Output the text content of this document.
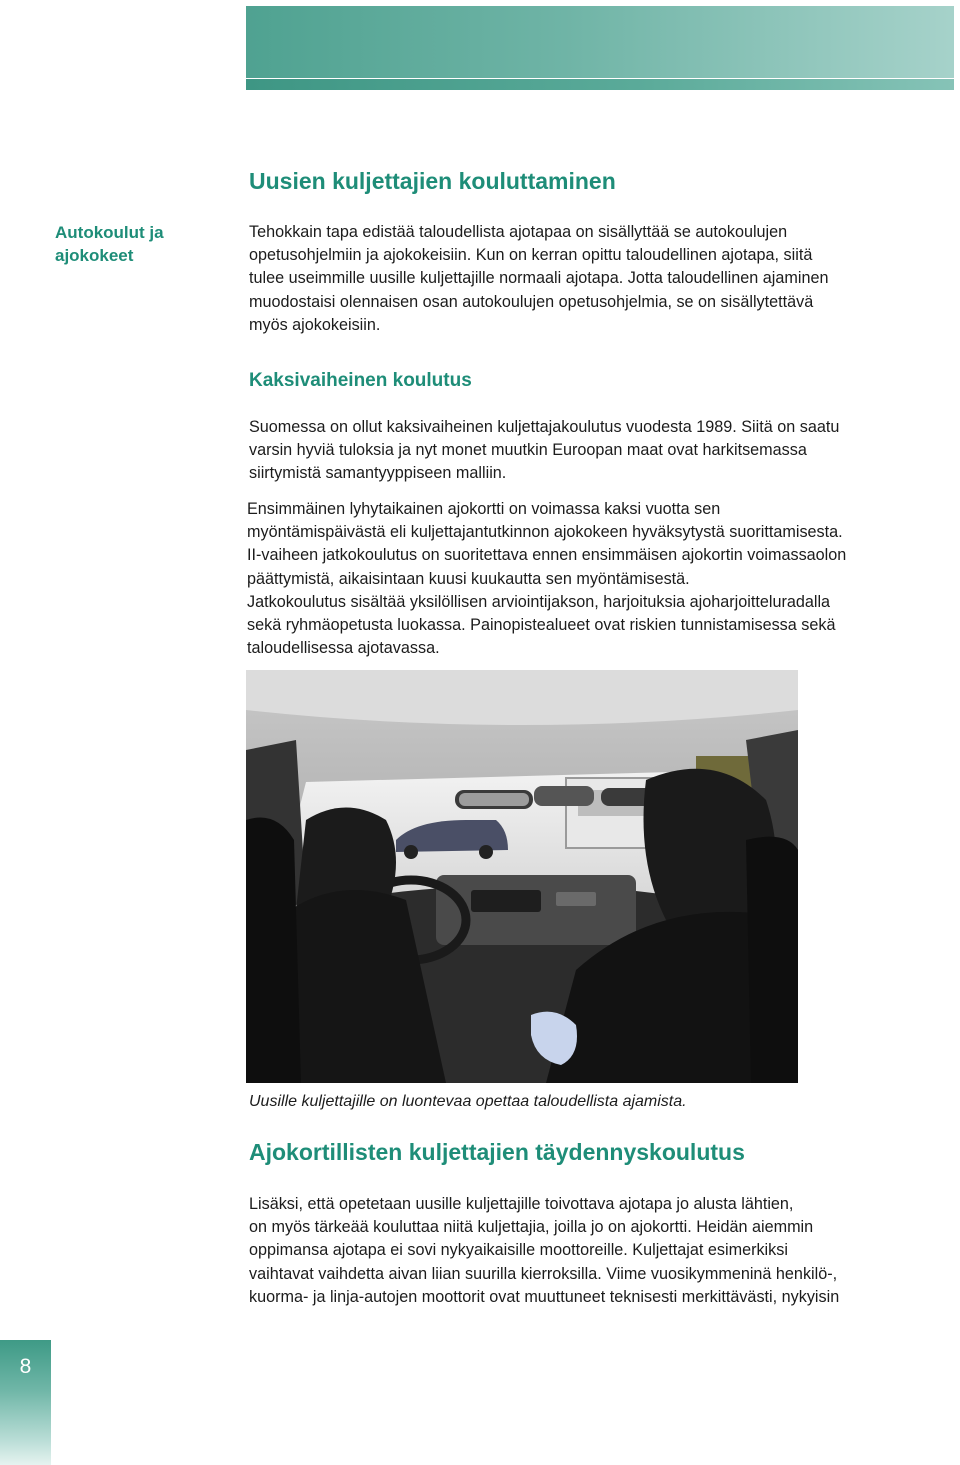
Uusien kuljettajien kouluttaminen
Autokoulut ja
ajokokeet
Tehokkain tapa edistää taloudellista ajotapaa on sisällyttää se autokoulujen
opetusohjelmiin ja ajokokeisiin. Kun on kerran opittu taloudellinen ajotapa, siitä
tulee useimmille uusille kuljettajille normaali ajotapa. Jotta taloudellinen ajaminen
muodostaisi olennaisen osan autokoulujen opetusohjelmia, se on sisällytettävä
myös ajokokeisiin.
Kaksivaiheinen koulutus
Suomessa on ollut kaksivaiheinen kuljettajakoulutus vuodesta 1989. Siitä on saatu
varsin hyviä tuloksia ja nyt monet muutkin Euroopan maat ovat harkitsemassa
siirtymistä samantyyppiseen malliin.
Ensimmäinen lyhytaikainen ajokortti on voimassa kaksi vuotta sen
myöntämispäivästä eli kuljettajantutkinnon ajokokeen hyväksytystä suorittamisesta.
II-vaiheen jatkokoulutus on suoritettava ennen ensimmäisen ajokortin voimassaolon
päättymistä, aikaisintaan kuusi kuukautta sen myöntämisestä.
Jatkokoulutus sisältää yksilöllisen arviointijakson, harjoituksia ajoharjoitteluradalla
sekä ryhmäopetusta luokassa. Painopistealueet ovat riskien tunnistamisessa sekä
taloudellisessa ajotavassa.

Uusille kuljettajille on luontevaa opettaa taloudellista ajamista.

Ajokortillisten kuljettajien täydennyskoulutus
Lisäksi, että opetetaan uusille kuljettajille toivottava ajotapa jo alusta lähtien,
on myös tärkeää kouluttaa niitä kuljettajia, joilla jo on ajokortti. Heidän aiemmin
oppimansa ajotapa ei sovi nykyaikaisille moottoreille. Kuljettajat esimerkiksi
vaihtavat vaihdetta aivan liian suurilla kierroksilla. Viime vuosikymmeninä henkilö-,
kuorma- ja linja-autojen moottorit ovat muuttuneet teknisesti merkittävästi, nykyisin
8
